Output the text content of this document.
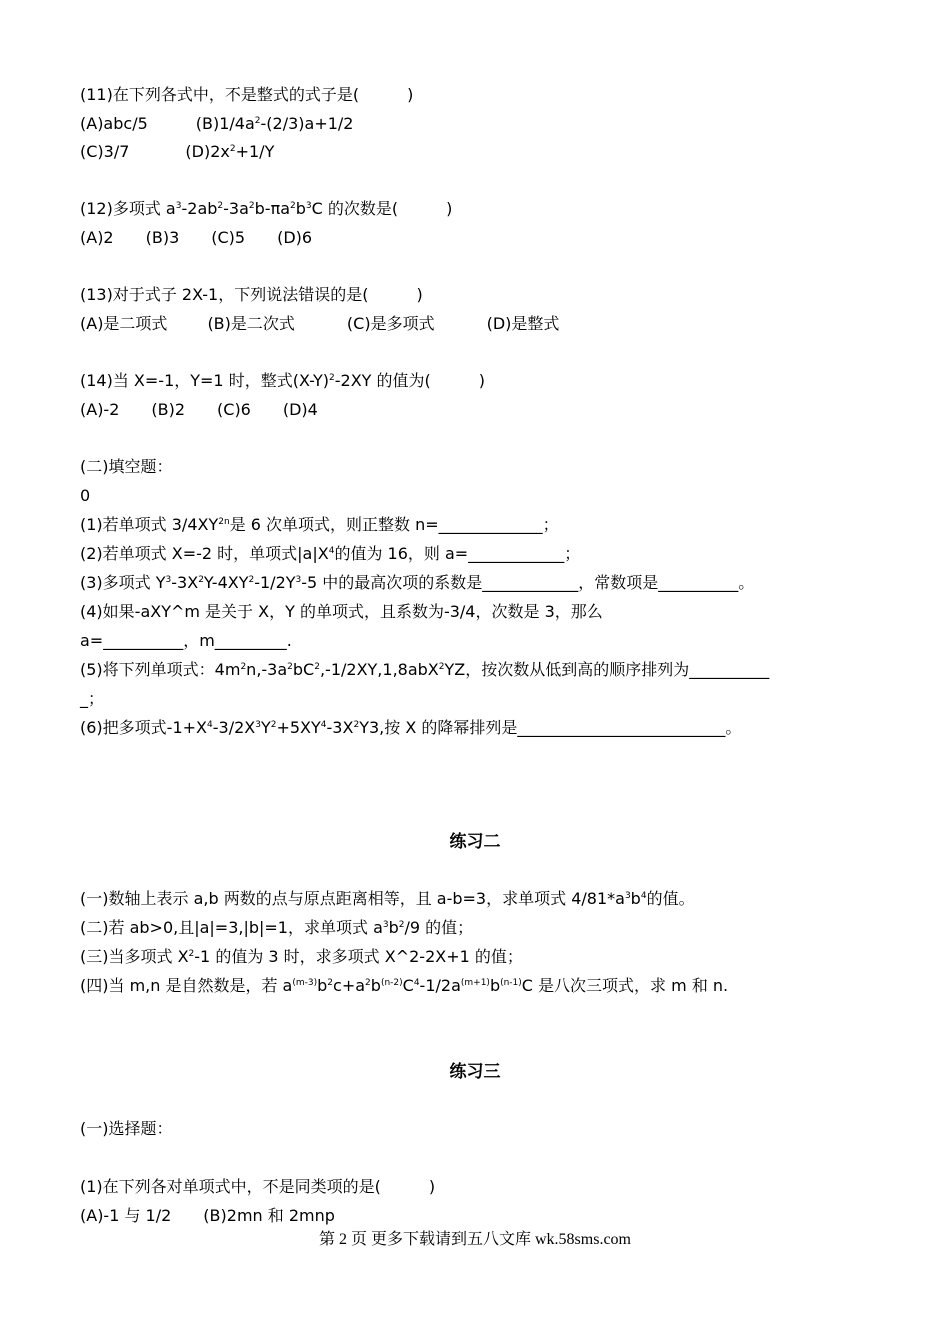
(11)在下列各式中，不是整式的式子是(　　　)
(A)abc/5	$(B)1/4a^2-(2/3)a+1/2$
(C)3/7	$(D)2x^2+1/Y$
(12)多项式 $a^3-2ab^2-3a^2b-\pi a^2b^3C$ 的次数是(　　　)
(A)2　　(B)3　　(C)5　　(D)6
(13)对于式子 2X-1，下列说法错误的是(　　　)
(A)是二项式	(B)是二次式	(C)是多项式	(D)是整式
(14)当 X=-1，Y=1 时，整式$(X-Y)^2-2XY$ 的值为(　　　)
(A)-2　　(B)2　　(C)6　　(D)4
(二)填空题：
0
(1)若单项式 $3/4XY^{2n}$是 6 次单项式，则正整数 n=_____________；
(2)若单项式 X=-2 时，单项式$|a|X^4$的值为 16，则 a=____________；
(3)多项式 $Y^3-3X^2Y-4XY^2-1/2Y^3-5$ 中的最高次项的系数是____________，常数项是__________。
(4)如果-aXY^m 是关于 X，Y 的单项式，且系数为-3/4，次数是 3，那么
a=__________，m_________.
(5)将下列单项式：$4m^2n,-3a^2bC^2,-1/2XY,1,8abX^2YZ$，按次数从低到高的顺序排列为__________
_；
(6)把多项式$-1+X^4-3/2X^3Y^2+5XY^4-3X^2Y3$,按 X 的降幂排列是__________________________。
练习二
(一)数轴上表示 a,b 两数的点与原点距离相等，且 a-b=3，求单项式 $4/81*a^3b^4$的值。
(二)若 ab>0,且|a|=3,|b|=1，求单项式 $a^3b^2/9$ 的值；
(三)当多项式 $X^2-1$ 的值为 3 时，求多项式 X^2-2X+1 的值；
(四)当 m,n 是自然数是，若 $a^{(m-3)}b^2c+a^2b^{(n-2)}C^4-1/2a^{(m+1)}b^{(n-1)}C$ 是八次三项式，求 m 和 n.
练习三
(一)选择题：
(1)在下列各对单项式中，不是同类项的是(　　　)
(A)-1 与 1/2　　(B)2mn 和 2mnp
第 2 页 更多下载请到五八文库 wk.58sms.com
